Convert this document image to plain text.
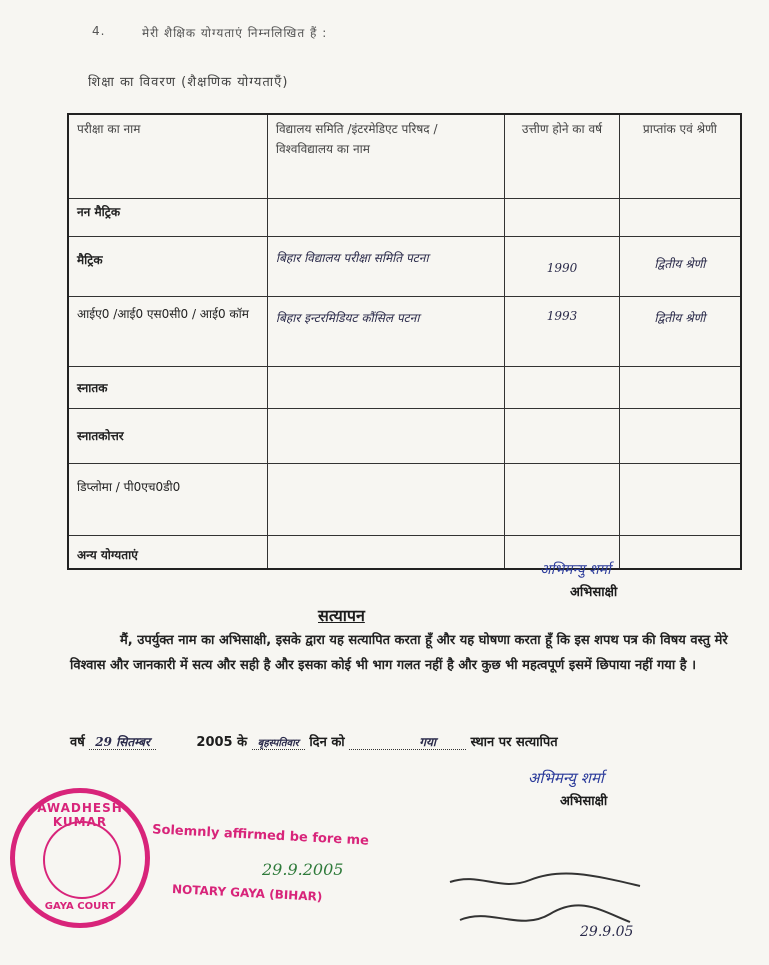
4.	मेरी शैक्षिक योग्यताएं निम्नलिखित हैं :
शिक्षा का विवरण (शैक्षणिक योग्यताएँ)
परीक्षा का नाम	विद्यालय समिति /इंटरमेडिएट परिषद / विश्वविद्यालय का नाम	उत्तीण होने का वर्ष	प्राप्तांक एवं श्रेणी
नन मैट्रिक			
मैट्रिक	बिहार विद्यालय परीक्षा समिति पटना	1990	द्वितीय श्रेणी
आईए0 /आई0 एस0सी0 / आई0 कॉम	बिहार इन्टरमिडियट कौंसिल पटना	1993	द्वितीय श्रेणी
स्नातक			
स्नातकोत्तर			
डिप्लोमा / पी0एच0डी0			
अन्य योग्यताएं			
अभिमन्यु शर्मा
अभिसाक्षी
सत्यापन
मैं, उपर्युक्त नाम का अभिसाक्षी, इसके द्वारा यह सत्यापित करता हूँ और यह घोषणा करता हूँ कि इस शपथ पत्र की विषय वस्तु मेरे विश्वास और जानकारी में सत्य और सही है और इसका कोई भी भाग गलत नहीं है और कुछ भी महत्वपूर्ण इसमें छिपाया नहीं गया है ।
वर्ष 29 सितम्बर	2005 के बृहस्पतिवार दिन को	गया	स्थान पर सत्यापित
अभिमन्यु शर्मा
अभिसाक्षी
AWADHESH KUMAR
GAYA COURT
Solemnly affirmed be fore me
29.9.2005
NOTARY GAYA (BIHAR)
29.9.05
